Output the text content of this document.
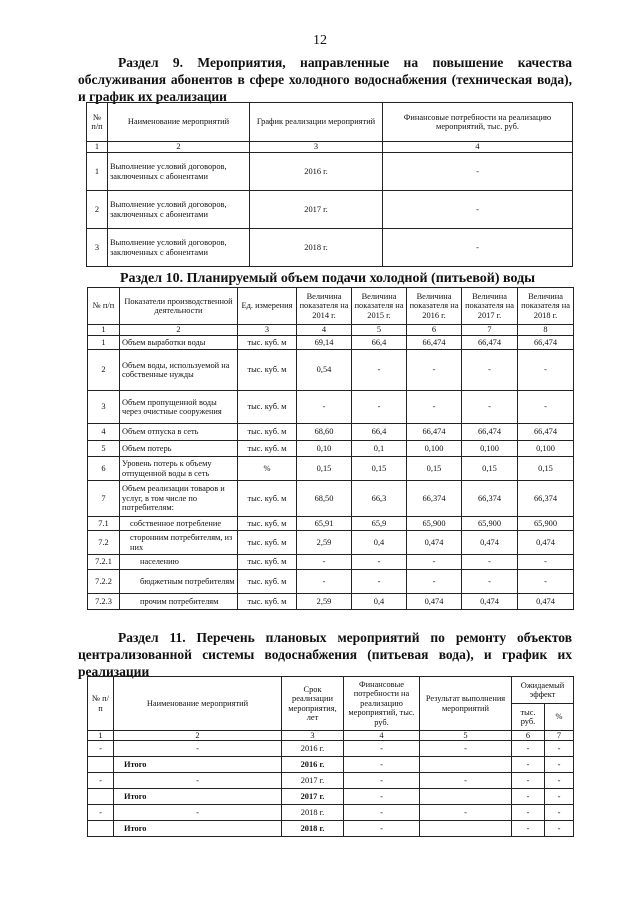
12
Раздел 9. Мероприятия, направленные на повышение качества обслуживания абонентов в сфере холодного водоснабжения (техническая вода), и график их реализации
№ п/п	Наименование мероприятий	График реализации мероприятий	Финансовые потребности на реализацию мероприятий, тыс. руб.
1	2	3	4
1	Выполнение условий договоров, заключенных с абонентами	2016 г.	-
2	Выполнение условий договоров, заключенных с абонентами	2017 г.	-
3	Выполнение условий договоров, заключенных с абонентами	2018 г.	-
Раздел 10. Планируемый объем подачи холодной (питьевой) воды
№ п/п	Показатели производственной деятельности	Ед. измерения	Величина показателя на 2014 г.	Величина показателя на 2015 г.	Величина показателя на 2016 г.	Величина показателя на 2017 г.	Величина показателя на 2018 г.
1	2	3	4	5	6	7	8
1	Объем выработки воды	тыс. куб. м	69,14	66,4	66,474	66,474	66,474
2	Объем воды, используемой на собственные нужды	тыс. куб. м	0,54	-	-	-	-
3	Объем пропущенной воды через очистные сооружения	тыс. куб. м	-	-	-	-	-
4	Объем отпуска в сеть	тыс. куб. м	68,60	66,4	66,474	66,474	66,474
5	Объем потерь	тыс. куб. м	0,10	0,1	0,100	0,100	0,100
6	Уровень потерь к объему отпущенной воды в сеть	%	0,15	0,15	0,15	0,15	0,15
7	Объем реализации товаров и услуг, в том числе по потребителям:	тыс. куб. м	68,50	66,3	66,374	66,374	66,374
7.1	собственное потребление	тыс. куб. м	65,91	65,9	65,900	65,900	65,900
7.2	сторонним потребителям, из них	тыс. куб. м	2,59	0,4	0,474	0,474	0,474
7.2.1	населению	тыс. куб. м	-	-	-	-	-
7.2.2	бюджетным потребителям	тыс. куб. м	-	-	-	-	-
7.2.3	прочим потребителям	тыс. куб. м	2,59	0,4	0,474	0,474	0,474
Раздел 11. Перечень плановых мероприятий по ремонту объектов централизованной системы водоснабжения (питьевая вода), и график их реализации
№ п/п	Наименование мероприятий	Срок реализации мероприятия, лет	Финансовые потребности на реализацию мероприятий, тыс. руб.	Результат выполнения мероприятий	Ожидаемый эффект	
					тыс. руб.	%
1	2	3	4	5	6	7
-	-	2016 г.	-	-	-	-
	Итого	2016 г.	-		-	-
-	-	2017 г.	-	-	-	-
	Итого	2017 г.	-		-	-
-	-	2018 г.	-	-	-	-
	Итого	2018 г.	-		-	-
